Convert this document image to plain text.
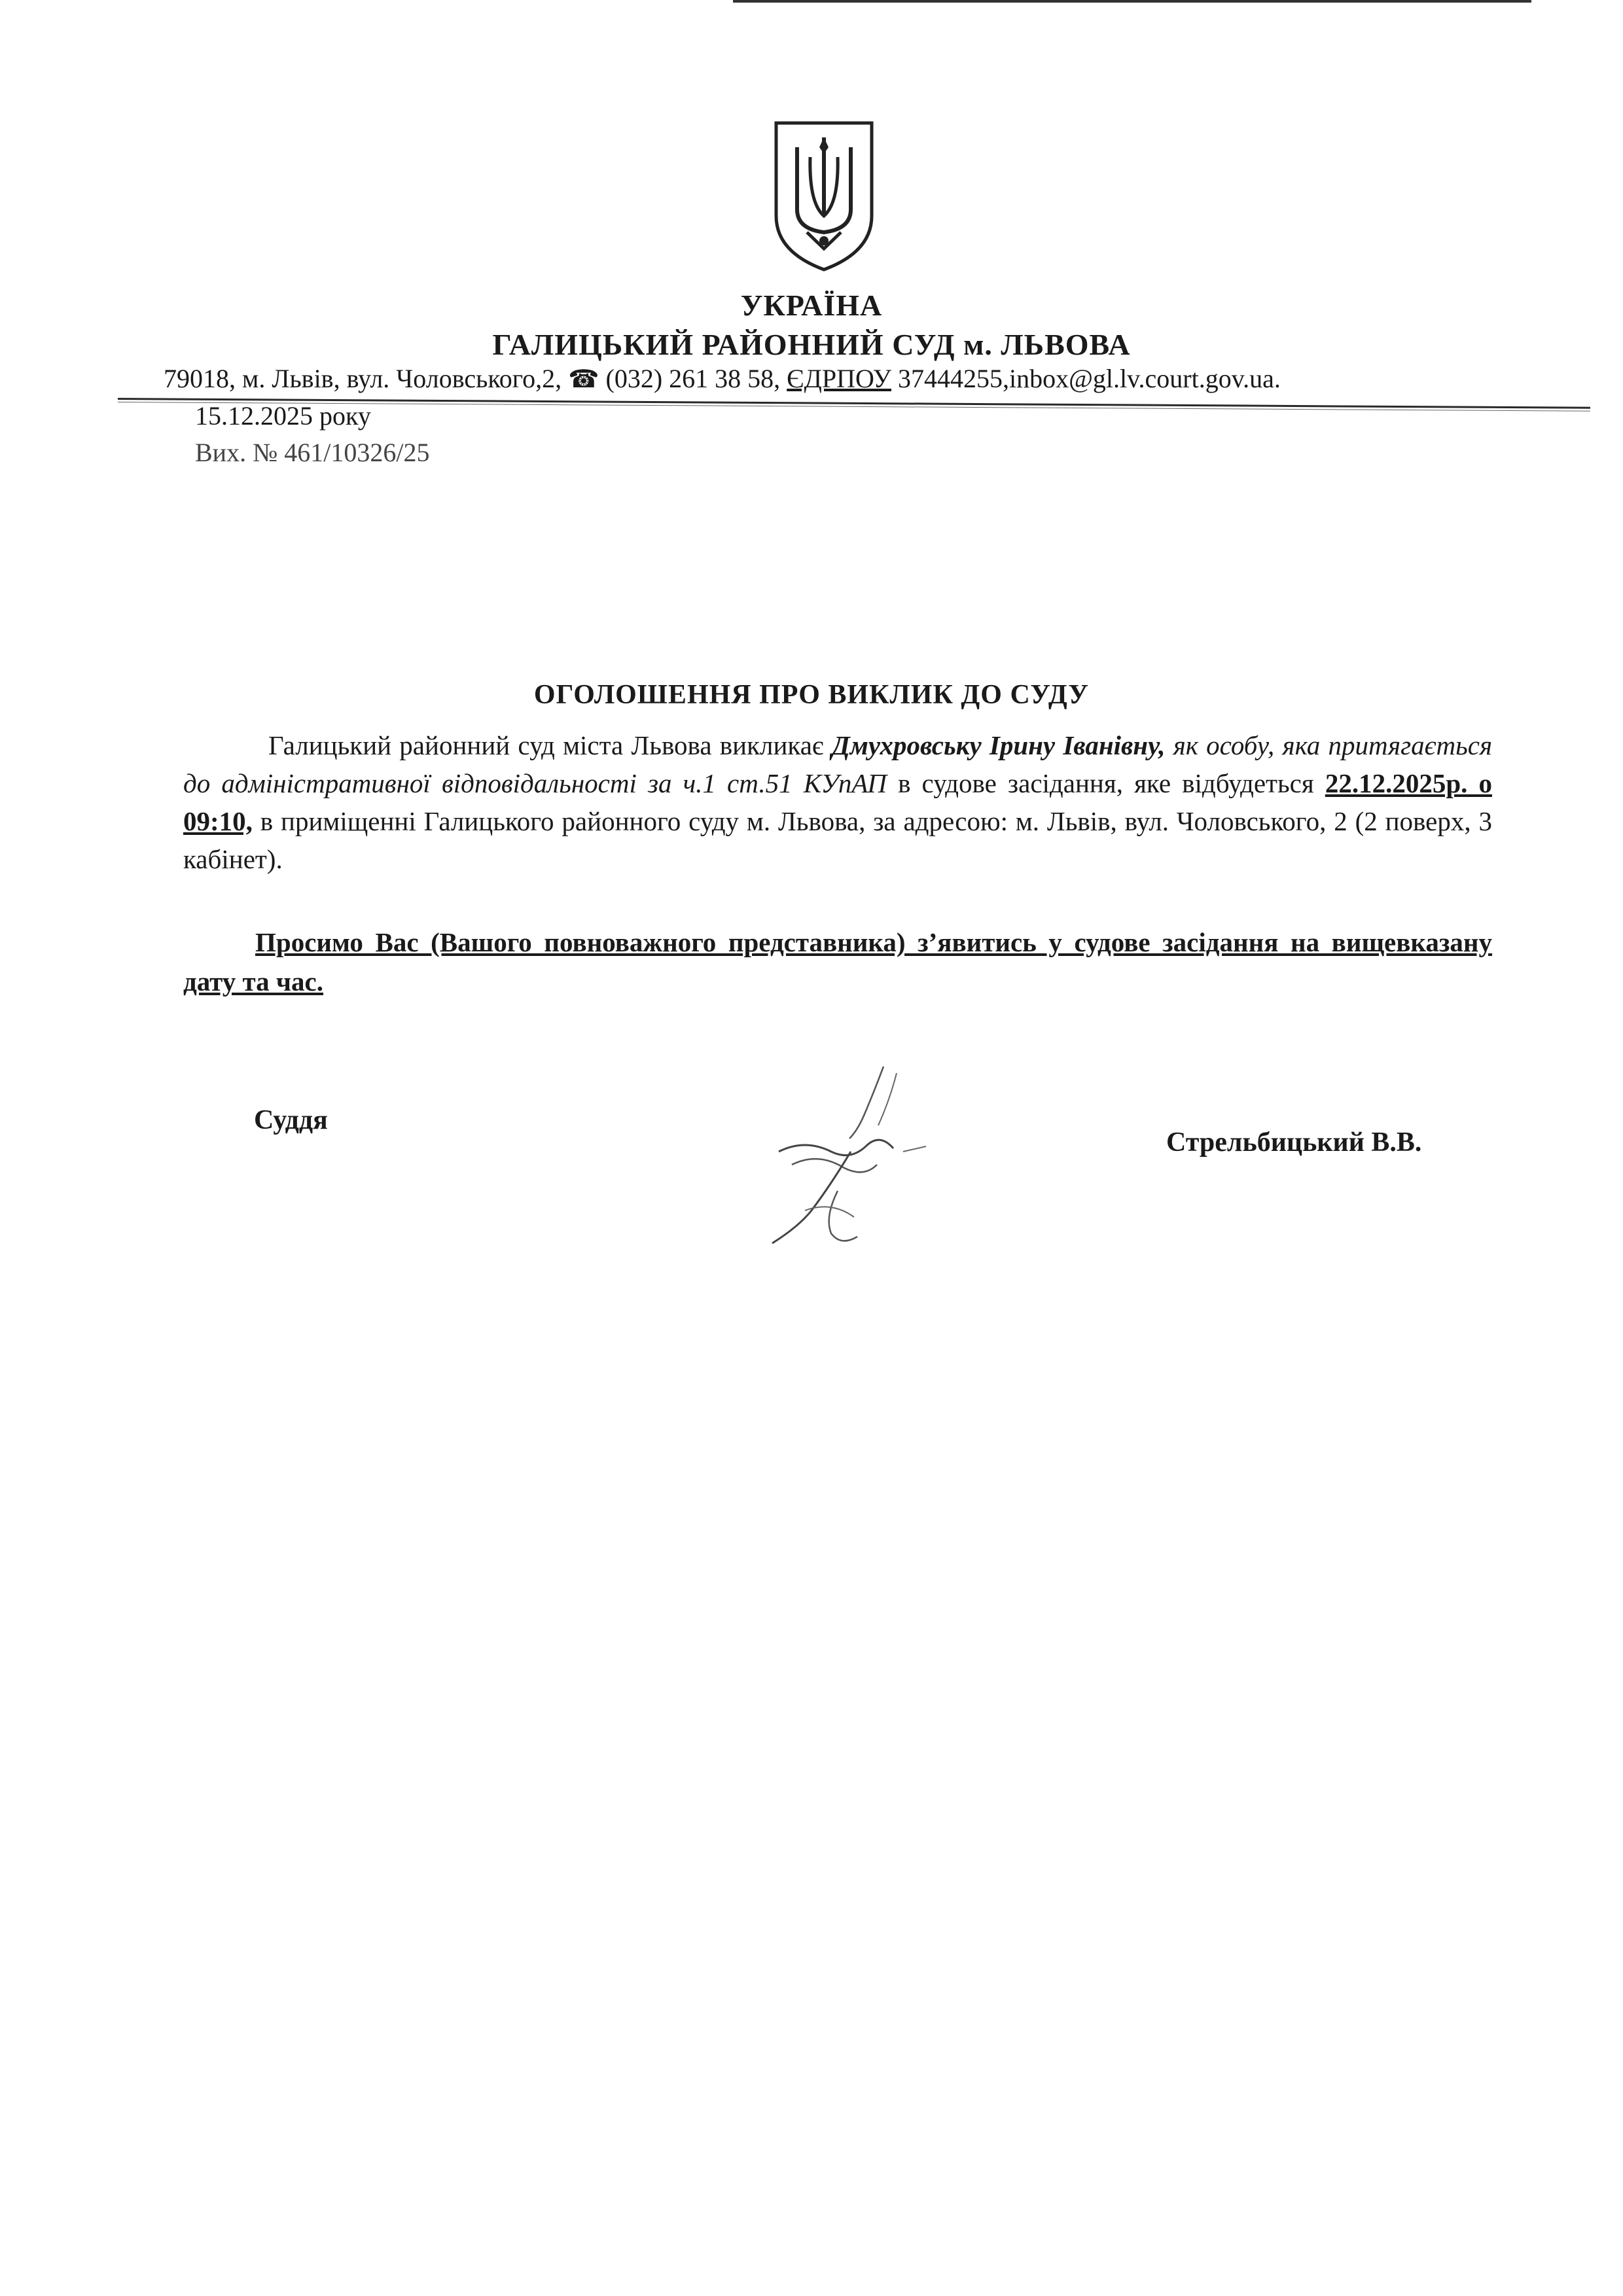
УКРАЇНА
ГАЛИЦЬКИЙ РАЙОННИЙ СУД м. ЛЬВОВА
79018, м. Львів, вул. Чоловського,2, ☎ (032) 261 38 58, ЄДРПОУ 37444255,inbox@gl.lv.court.gov.ua.
15.12.2025 року
Вих. № 461/10326/25
ОГОЛОШЕННЯ ПРО ВИКЛИК ДО СУДУ
Галицький районний суд міста Львова викликає Дмухровську Ірину Іванівну, як особу, яка притягається до адміністративної відповідальності за ч.1 ст.51 КУпАП в судове засідання, яке відбудеться 22.12.2025р. о 09:10, в приміщенні Галицького районного суду м. Львова, за адресою: м. Львів, вул. Чоловського, 2 (2 поверх, 3 кабінет).
Просимо Вас (Вашого повноважного представника) з’явитись у судове засідання на вищевказану дату та час.
Суддя
Стрельбицький В.В.
